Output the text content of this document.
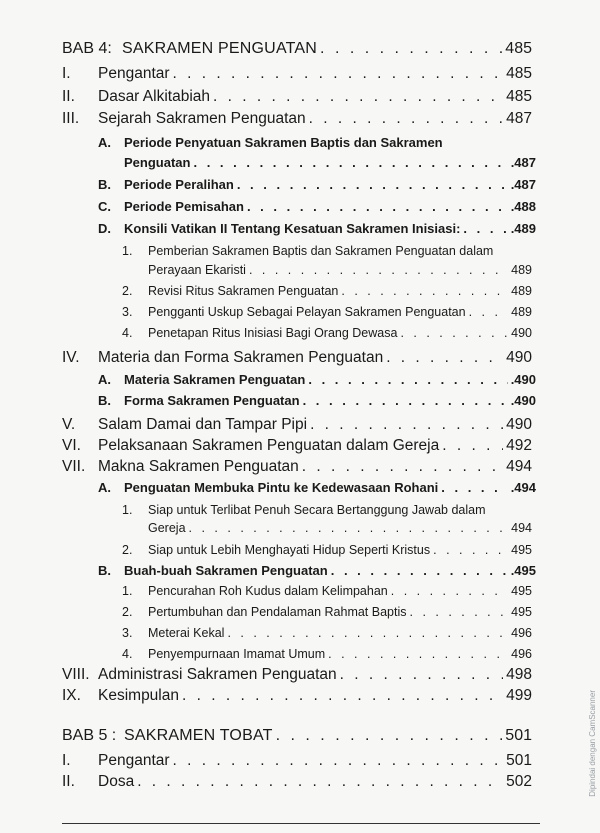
BAB 4: SAKRAMEN PENGUATAN . . .	485
I.	Pengantar . . .	485
II.	Dasar Alkitabiah . . .	485
III.	Sejarah Sakramen Penguatan . . .	487
A. Periode Penyatuan Sakramen Baptis dan Sakramen
Penguatan . . .	.487
B.	Periode Peralihan . . .	.487
C.	Periode Pemisahan . . .	.488
D.	Konsili Vatikan II Tentang Kesatuan Sakramen Inisiasi: . . .	.489
1. Pemberian Sakramen Baptis dan Sakramen Penguatan dalam
Perayaan Ekaristi . . .	489
2.	Revisi Ritus Sakramen Penguatan . . .	489
3.	Pengganti Uskup Sebagai Pelayan Sakramen Penguatan . . .	489
4.	Penetapan Ritus Inisiasi Bagi Orang Dewasa . . .	490
IV.	Materia dan Forma Sakramen Penguatan . . .	490
A.	Materia Sakramen Penguatan . . .	.490
B.	Forma Sakramen Penguatan . . .	.490
V.	Salam Damai dan Tampar Pipi . . .	490
VI.	Pelaksanaan Sakramen Penguatan dalam Gereja . . .	492
VII. Makna Sakramen Penguatan . . .	494
A.	Penguatan Membuka Pintu ke Kedewasaan Rohani . . .	.494
1. Siap untuk Terlibat Penuh Secara Bertanggung Jawab dalam
Gereja . . .	494
2.	Siap untuk Lebih Menghayati Hidup Seperti Kristus . . .	495
B.	Buah-buah Sakramen Penguatan . . .	.495
1.	Pencurahan Roh Kudus dalam Kelimpahan . . .	495
2.	Pertumbuhan dan Pendalaman Rahmat Baptis . . .	495
3.	Meterai Kekal . . .	496
4.	Penyempurnaan Imamat Umum . . .	496
VIII. Administrasi Sakramen Penguatan . . .	498
IX.	Kesimpulan . . .	499
BAB 5 : SAKRAMEN TOBAT . . .	501
I.	Pengantar . . .	501
II.	Dosa . . .	502	Dipindai dengan CamScanner
